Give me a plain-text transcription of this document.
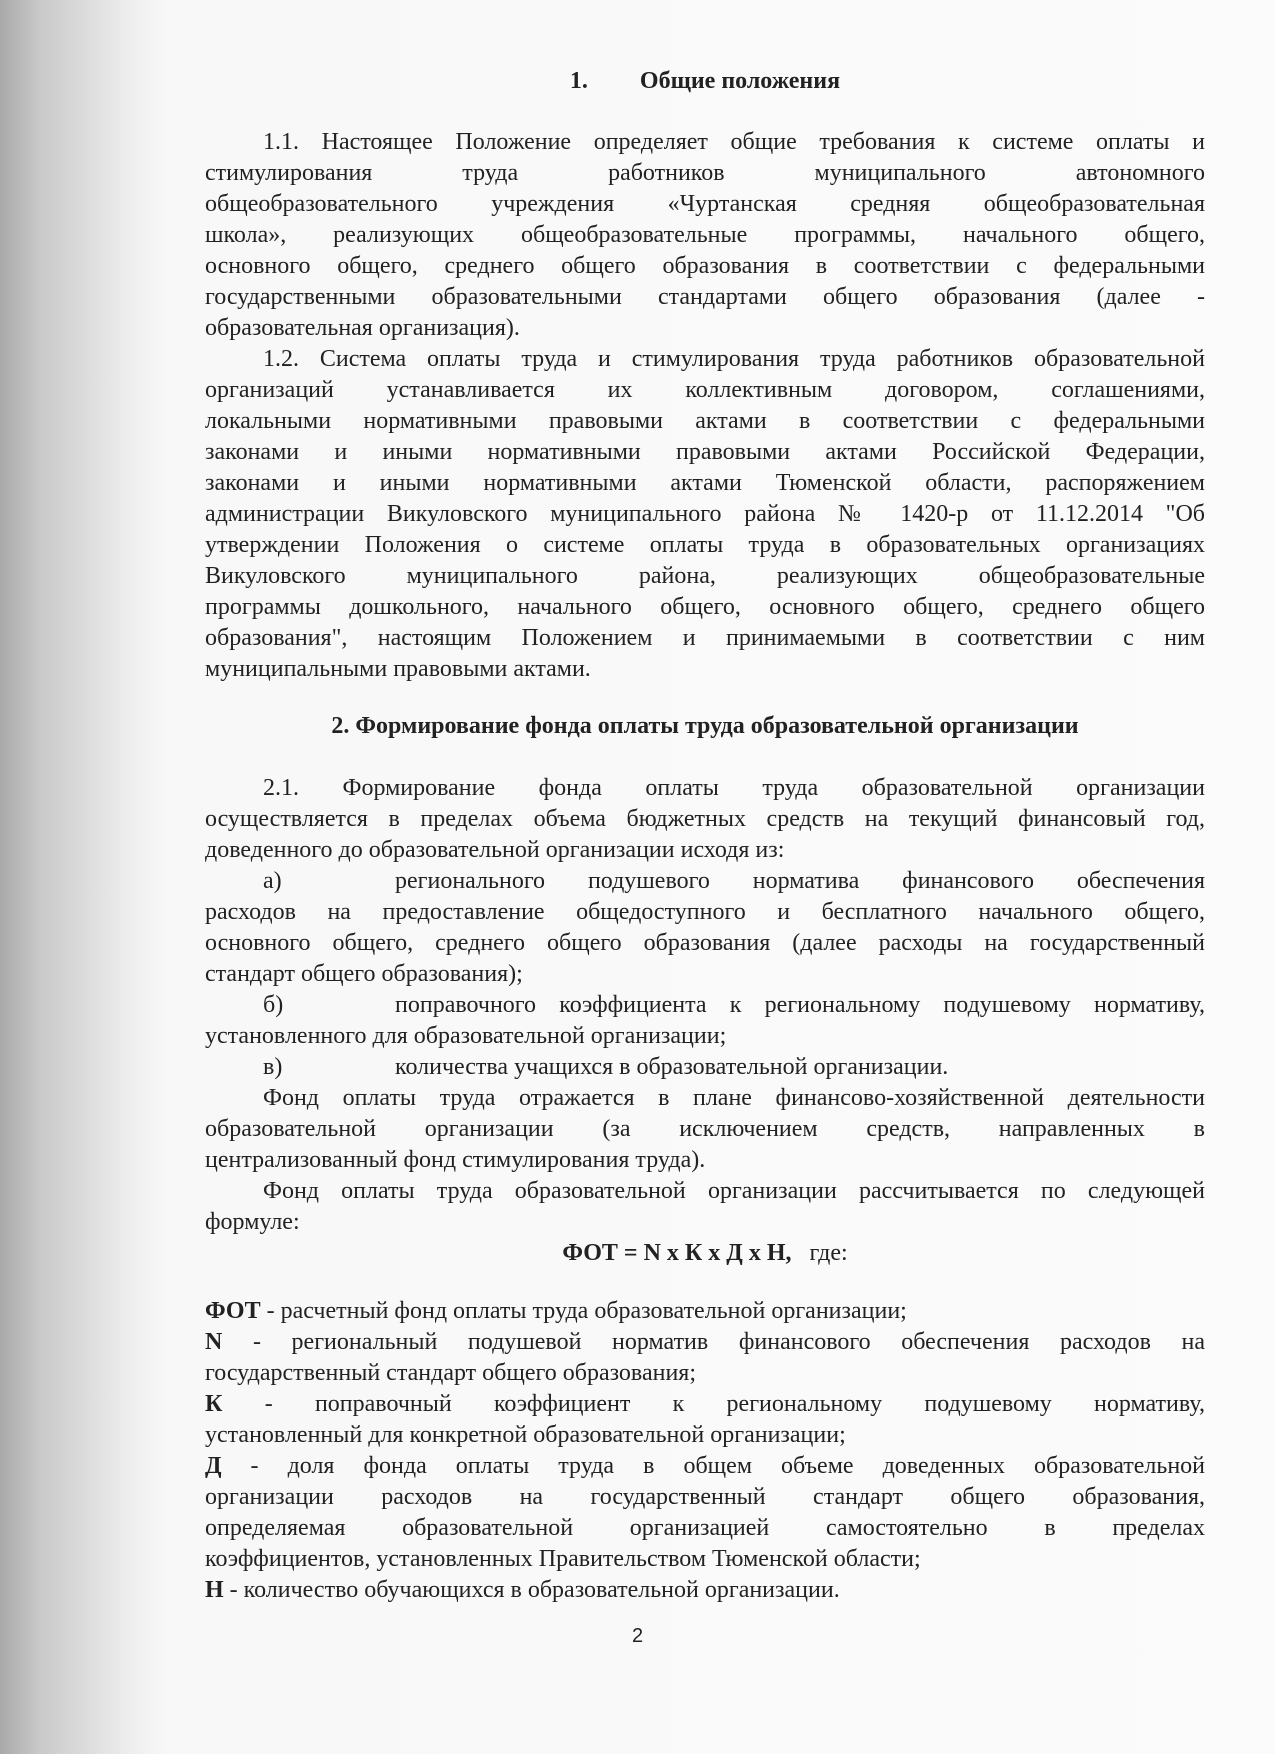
1. Общие положения
1.1. Настоящее Положение определяет общие требования к системе оплаты и
стимулирования труда работников муниципального автономного
общеобразовательного учреждения «Чуртанская средняя общеобразовательная
школа», реализующих общеобразовательные программы, начального общего,
основного общего, среднего общего образования в соответствии с федеральными
государственными образовательными стандартами общего образования (далее -
образовательная организация).
1.2. Система оплаты труда и стимулирования труда работников образовательной
организаций устанавливается их коллективным договором, соглашениями,
локальными нормативными правовыми актами в соответствии с федеральными
законами и иными нормативными правовыми актами Российской Федерации,
законами и иными нормативными актами Тюменской области, распоряжением
администрации Викуловского муниципального района № 1420-р от 11.12.2014 "Об
утверждении Положения о системе оплаты труда в образовательных организациях
Викуловского муниципального района, реализующих общеобразовательные
программы дошкольного, начального общего, основного общего, среднего общего
образования", настоящим Положением и принимаемыми в соответствии с ним
муниципальными правовыми актами.
2. Формирование фонда оплаты труда образовательной организации
2.1. Формирование фонда оплаты труда образовательной организации
осуществляется в пределах объема бюджетных средств на текущий финансовый год,
доведенного до образовательной организации исходя из:
а)	регионального подушевого норматива финансового обеспечения
расходов на предоставление общедоступного и бесплатного начального общего,
основного общего, среднего общего образования (далее расходы на государственный
стандарт общего образования);
б)	поправочного коэффициента к региональному подушевому нормативу,
установленного для образовательной организации;
в)	количества учащихся в образовательной организации.
Фонд оплаты труда отражается в плане финансово-хозяйственной деятельности
образовательной организации (за исключением средств, направленных в
централизованный фонд стимулирования труда).
Фонд оплаты труда образовательной организации рассчитывается по следующей
формуле:
ФОТ = N x К x Д x Н, где:
ФОТ - расчетный фонд оплаты труда образовательной организации;
N - региональный подушевой норматив финансового обеспечения расходов на
государственный стандарт общего образования;
К - поправочный коэффициент к региональному подушевому нормативу,
установленный для конкретной образовательной организации;
Д - доля фонда оплаты труда в общем объеме доведенных образовательной
организации расходов на государственный стандарт общего образования,
определяемая образовательной организацией самостоятельно в пределах
коэффициентов, установленных Правительством Тюменской области;
Н - количество обучающихся в образовательной организации.
2
